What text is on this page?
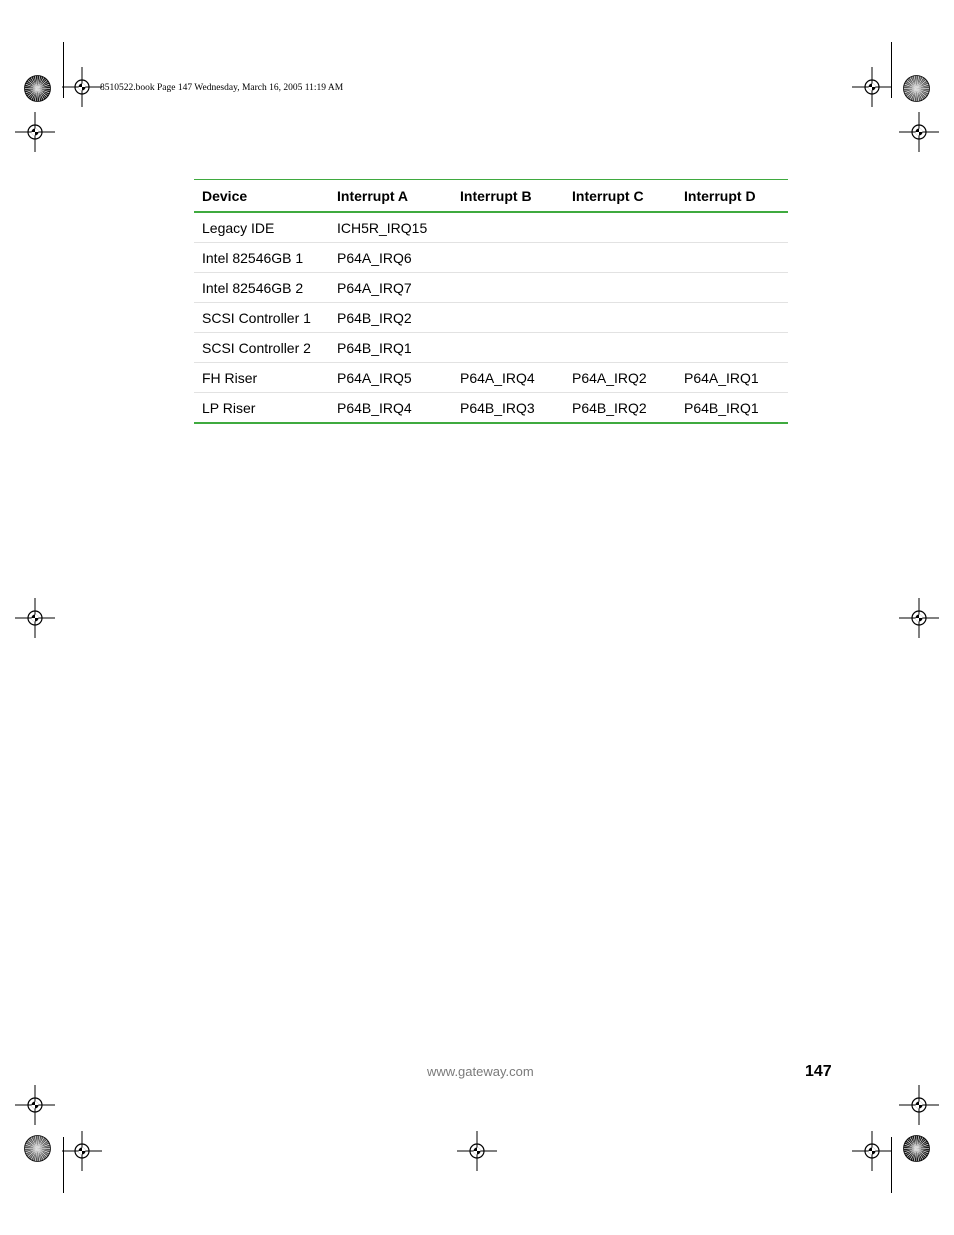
8510522.book Page 147 Wednesday, March 16, 2005 11:19 AM
Device	Interrupt A	Interrupt B	Interrupt C	Interrupt D
Legacy IDE	ICH5R_IRQ15			
Intel 82546GB 1	P64A_IRQ6			
Intel 82546GB 2	P64A_IRQ7			
SCSI Controller 1	P64B_IRQ2			
SCSI Controller 2	P64B_IRQ1			
FH Riser	P64A_IRQ5	P64A_IRQ4	P64A_IRQ2	P64A_IRQ1
LP Riser	P64B_IRQ4	P64B_IRQ3	P64B_IRQ2	P64B_IRQ1
www.gateway.com	147
